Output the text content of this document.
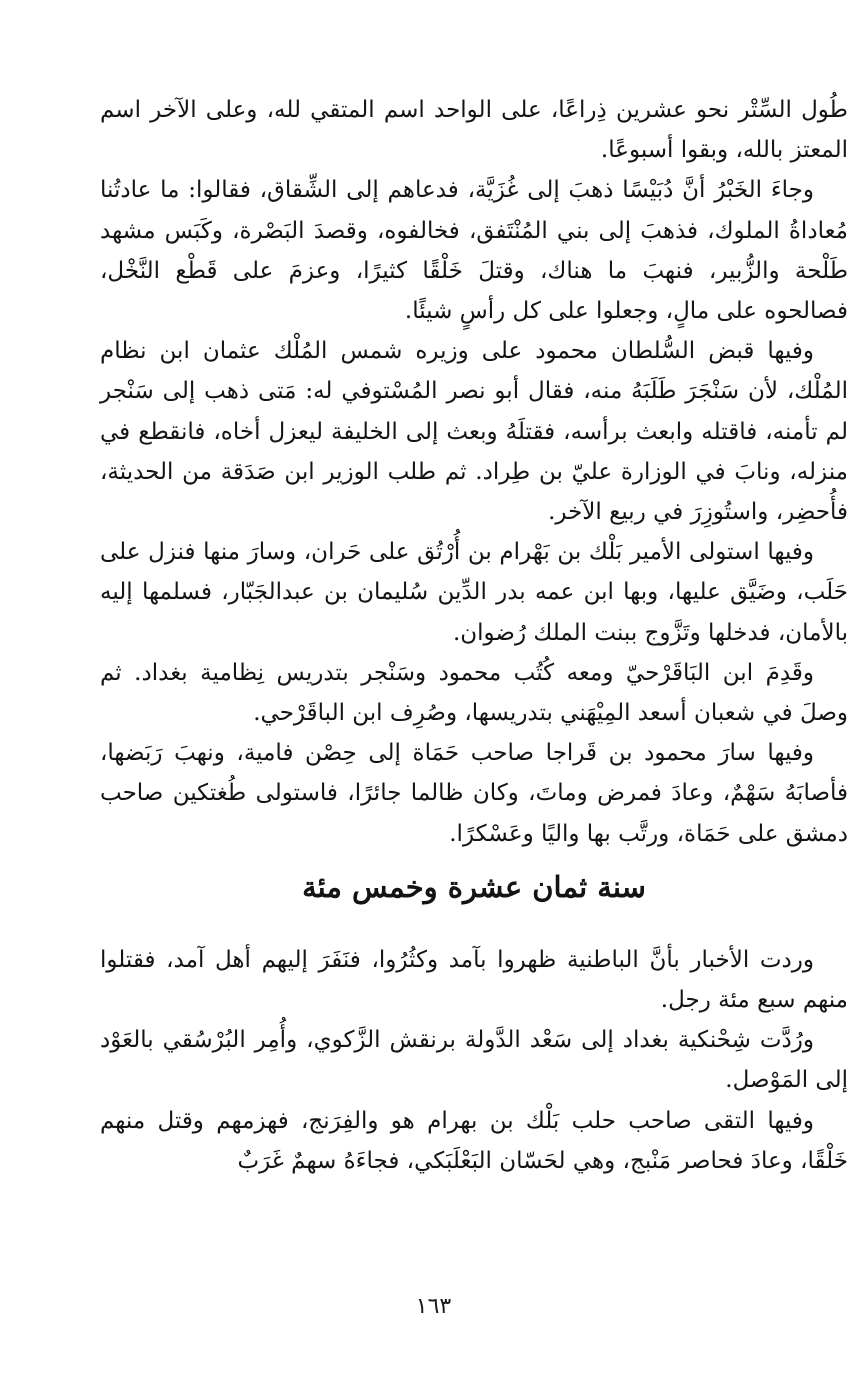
طُول السِّتْر نحو عشرين ذِراعًا، على الواحد اسم المتقي لله، وعلى الآخر اسم المعتز بالله، وبقوا أسبوعًا.

وجاءَ الخَبْرُ أنَّ دُبَيْسًا ذهبَ إلى غُزَيَّة، فدعاهم إلى الشِّقاق، فقالوا: ما عادتُنا مُعاداةُ الملوك، فذهبَ إلى بني المُنْتَفق، فخالفوه، وقصدَ البَصْرة، وكَبَس مشهد طَلْحة والزُّبير، فنهبَ ما هناك، وقتلَ خَلْقًا كثيرًا، وعزمَ على قَطْع النَّخْل، فصالحوه على مالٍ، وجعلوا على كل رأسٍ شيئًا.

وفيها قبض السُّلطان محمود على وزيره شمس المُلْك عثمان ابن نظام المُلْك، لأن سَنْجَرَ طَلَبَهُ منه، فقال أبو نصر المُسْتوفي له: مَتى ذهب إلى سَنْجر لم تأمنه، فاقتله وابعث برأسه، فقتلَهُ وبعث إلى الخليفة ليعزل أخاه، فانقطع في منزله، ونابَ في الوزارة عليّ بن طِراد. ثم طلب الوزير ابن صَدَقة من الحديثة، فأُحضِر، واستُوزِرَ في ربيع الآخر.

وفيها استولى الأمير بَلْك بن بَهْرام بن أُرْتُق على حَران، وسارَ منها فنزل على حَلَب، وضَيَّق عليها، وبها ابن عمه بدر الدِّين سُليمان بن عبدالجَبّار، فسلمها إليه بالأمان، فدخلها وتَزَّوج ببنت الملك رُضوان.

وقَدِمَ ابن البَاقَرْحيّ ومعه كُتُب محمود وسَنْجر بتدريس نِظامية بغداد. ثم وصلَ في شعبان أسعد المِيْهَني بتدريسها، وصُرِف ابن الباقَرْحي.

وفيها سارَ محمود بن قَراجا صاحب حَمَاة إلى حِصْن فامية، ونهبَ رَبَضها، فأصابَهُ سَهْمٌ، وعادَ فمرض وماتَ، وكان ظالما جائرًا، فاستولى طُغتكين صاحب دمشق على حَمَاة، ورتَّب بها واليًا وعَسْكرًا.

سنة ثمان عشرة وخمس مئة

وردت الأخبار بأنَّ الباطنية ظهروا بآمد وكثُرُوا، فنَفَرَ إليهم أهل آمد، فقتلوا منهم سبع مئة رجل.

ورُدَّت شِحْنكية بغداد إلى سَعْد الدَّولة برنقش الزَّكوي، وأُمِر البُرْسُقي بالعَوْد إلى المَوْصل.

وفيها التقى صاحب حلب بَلْك بن بهرام هو والفِرَنج، فهزمهم وقتل منهم خَلْقًا، وعادَ فحاصر مَنْبج، وهي لحَسّان البَعْلَبَكي، فجاءَهُ سهمٌ غَرَبٌ

١٦٣
